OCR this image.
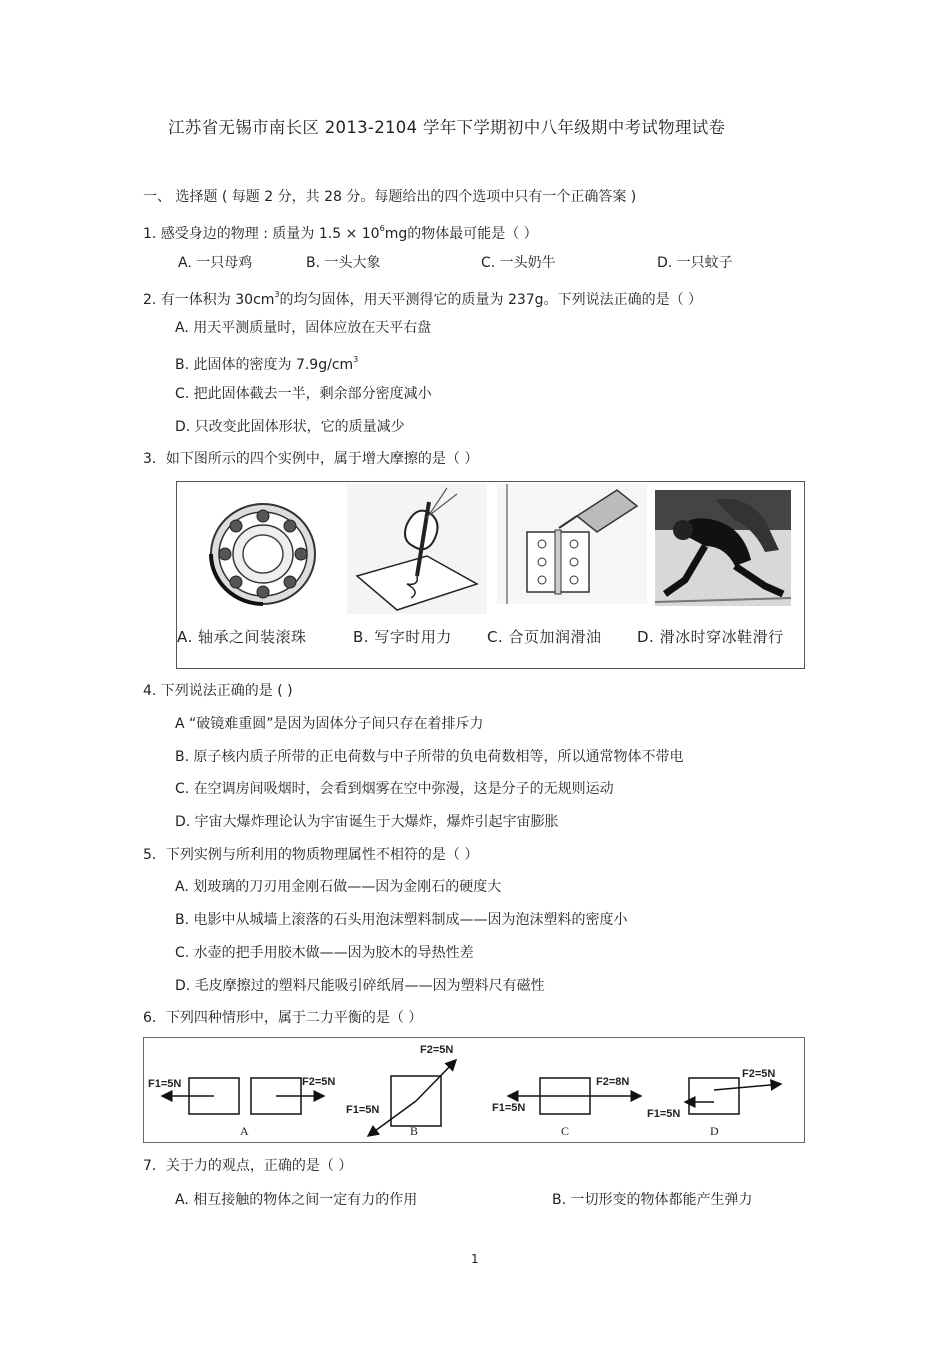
江苏省无锡市南长区 2013-2104 学年下学期初中八年级期中考试物理试卷
一、 选择题 ( 每题 2 分，共 28 分。每题给出的四个选项中只有一个正确答案 )
1. 感受身边的物理 : 质量为 $1.5 \times 10^6mg$的物体最可能是（ ）
A. 一只母鸡	B. 一头大象	C. 一头奶牛	D. 一只蚊子
2. 有一体积为 $30cm^3$的均匀固体，用天平测得它的质量为 237g。下列说法正确的是（ ）
A. 用天平测质量时，固体应放在天平右盘
B. 此固体的密度为 $7.9g/cm^3$
C. 把此固体截去一半，剩余部分密度减小
D. 只改变此固体形状，它的质量减少
3．如下图所示的四个实例中，属于增大摩擦的是（ ）
A. 轴承之间装滚珠	B. 写字时用力 C. 合页加润滑油 D. 滑冰时穿冰鞋滑行
4. 下列说法正确的是 ( )
A “破镜难重圆”是因为固体分子间只存在着排斥力
B. 原子核内质子所带的正电荷数与中子所带的负电荷数相等，所以通常物体不带电
C. 在空调房间吸烟时，会看到烟雾在空中弥漫，这是分子的无规则运动
D. 宇宙大爆炸理论认为宇宙诞生于大爆炸，爆炸引起宇宙膨胀
5．下列实例与所利用的物质物理属性不相符的是（ ）
A. 划玻璃的刀刃用金刚石做——因为金刚石的硬度大
B. 电影中从城墙上滚落的石头用泡沫塑料制成——因为泡沫塑料的密度小
C. 水壶的把手用胶木做——因为胶木的导热性差
D. 毛皮摩擦过的塑料尺能吸引碎纸屑——因为塑料尺有磁性
6．下列四种情形中，属于二力平衡的是（ ）
F1=5N	F2=5N
F1=5N
F2=5N
F1=5N
F2=8N
F1=5N
F2=5N
A	B	C	D
7．关于力的观点，正确的是（ ）
A. 相互接触的物体之间一定有力的作用	B. 一切形变的物体都能产生弹力
1
